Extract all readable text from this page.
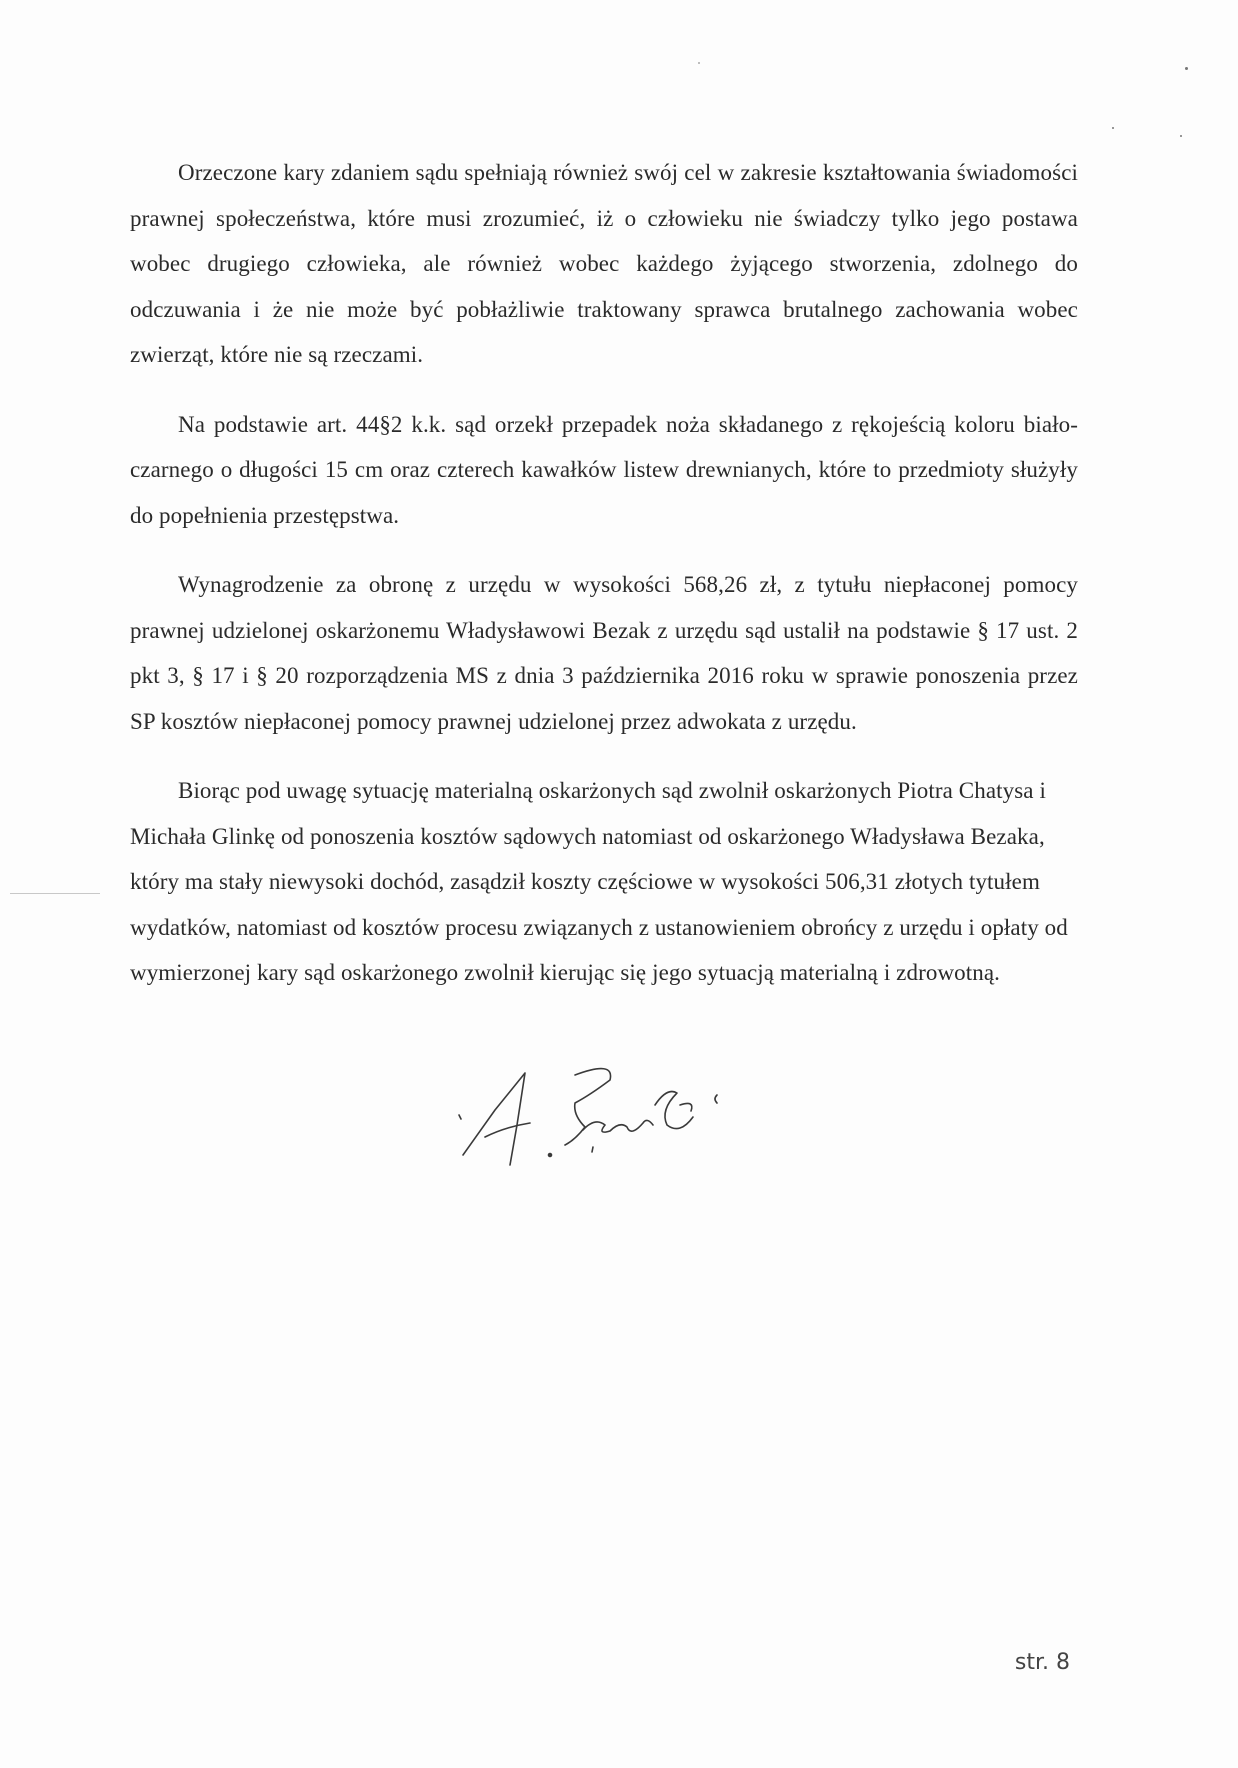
Orzeczone kary zdaniem sądu spełniają również swój cel w zakresie kształtowania świadomości prawnej społeczeństwa, które musi zrozumieć, iż o człowieku nie świadczy tylko jego postawa wobec drugiego człowieka, ale również wobec każdego żyjącego stworzenia, zdolnego do odczuwania i że nie może być pobłażliwie traktowany sprawca brutalnego zachowania wobec zwierząt, które nie są rzeczami.

Na podstawie art. 44§2 k.k. sąd orzekł przepadek noża składanego z rękojeścią koloru biało-czarnego o długości 15 cm oraz czterech kawałków listew drewnianych, które to przedmioty służyły do popełnienia przestępstwa.

Wynagrodzenie za obronę z urzędu w wysokości 568,26 zł, z tytułu niepłaconej pomocy prawnej udzielonej oskarżonemu Władysławowi Bezak z urzędu sąd ustalił na podstawie § 17 ust. 2 pkt 3, § 17 i § 20 rozporządzenia MS z dnia 3 października 2016 roku w sprawie ponoszenia przez SP kosztów niepłaconej pomocy prawnej udzielonej przez adwokata z urzędu.

Biorąc pod uwagę sytuację materialną oskarżonych sąd zwolnił oskarżonych Piotra Chatysa i Michała Glinkę od ponoszenia kosztów sądowych natomiast od oskarżonego Władysława Bezaka, który ma stały niewysoki dochód, zasądził koszty częściowe w wysokości 506,31 złotych tytułem wydatków, natomiast od kosztów procesu związanych z ustanowieniem obrońcy z urzędu i opłaty od wymierzonej kary sąd oskarżonego zwolnił kierując się jego sytuacją materialną i zdrowotną.

str. 8
